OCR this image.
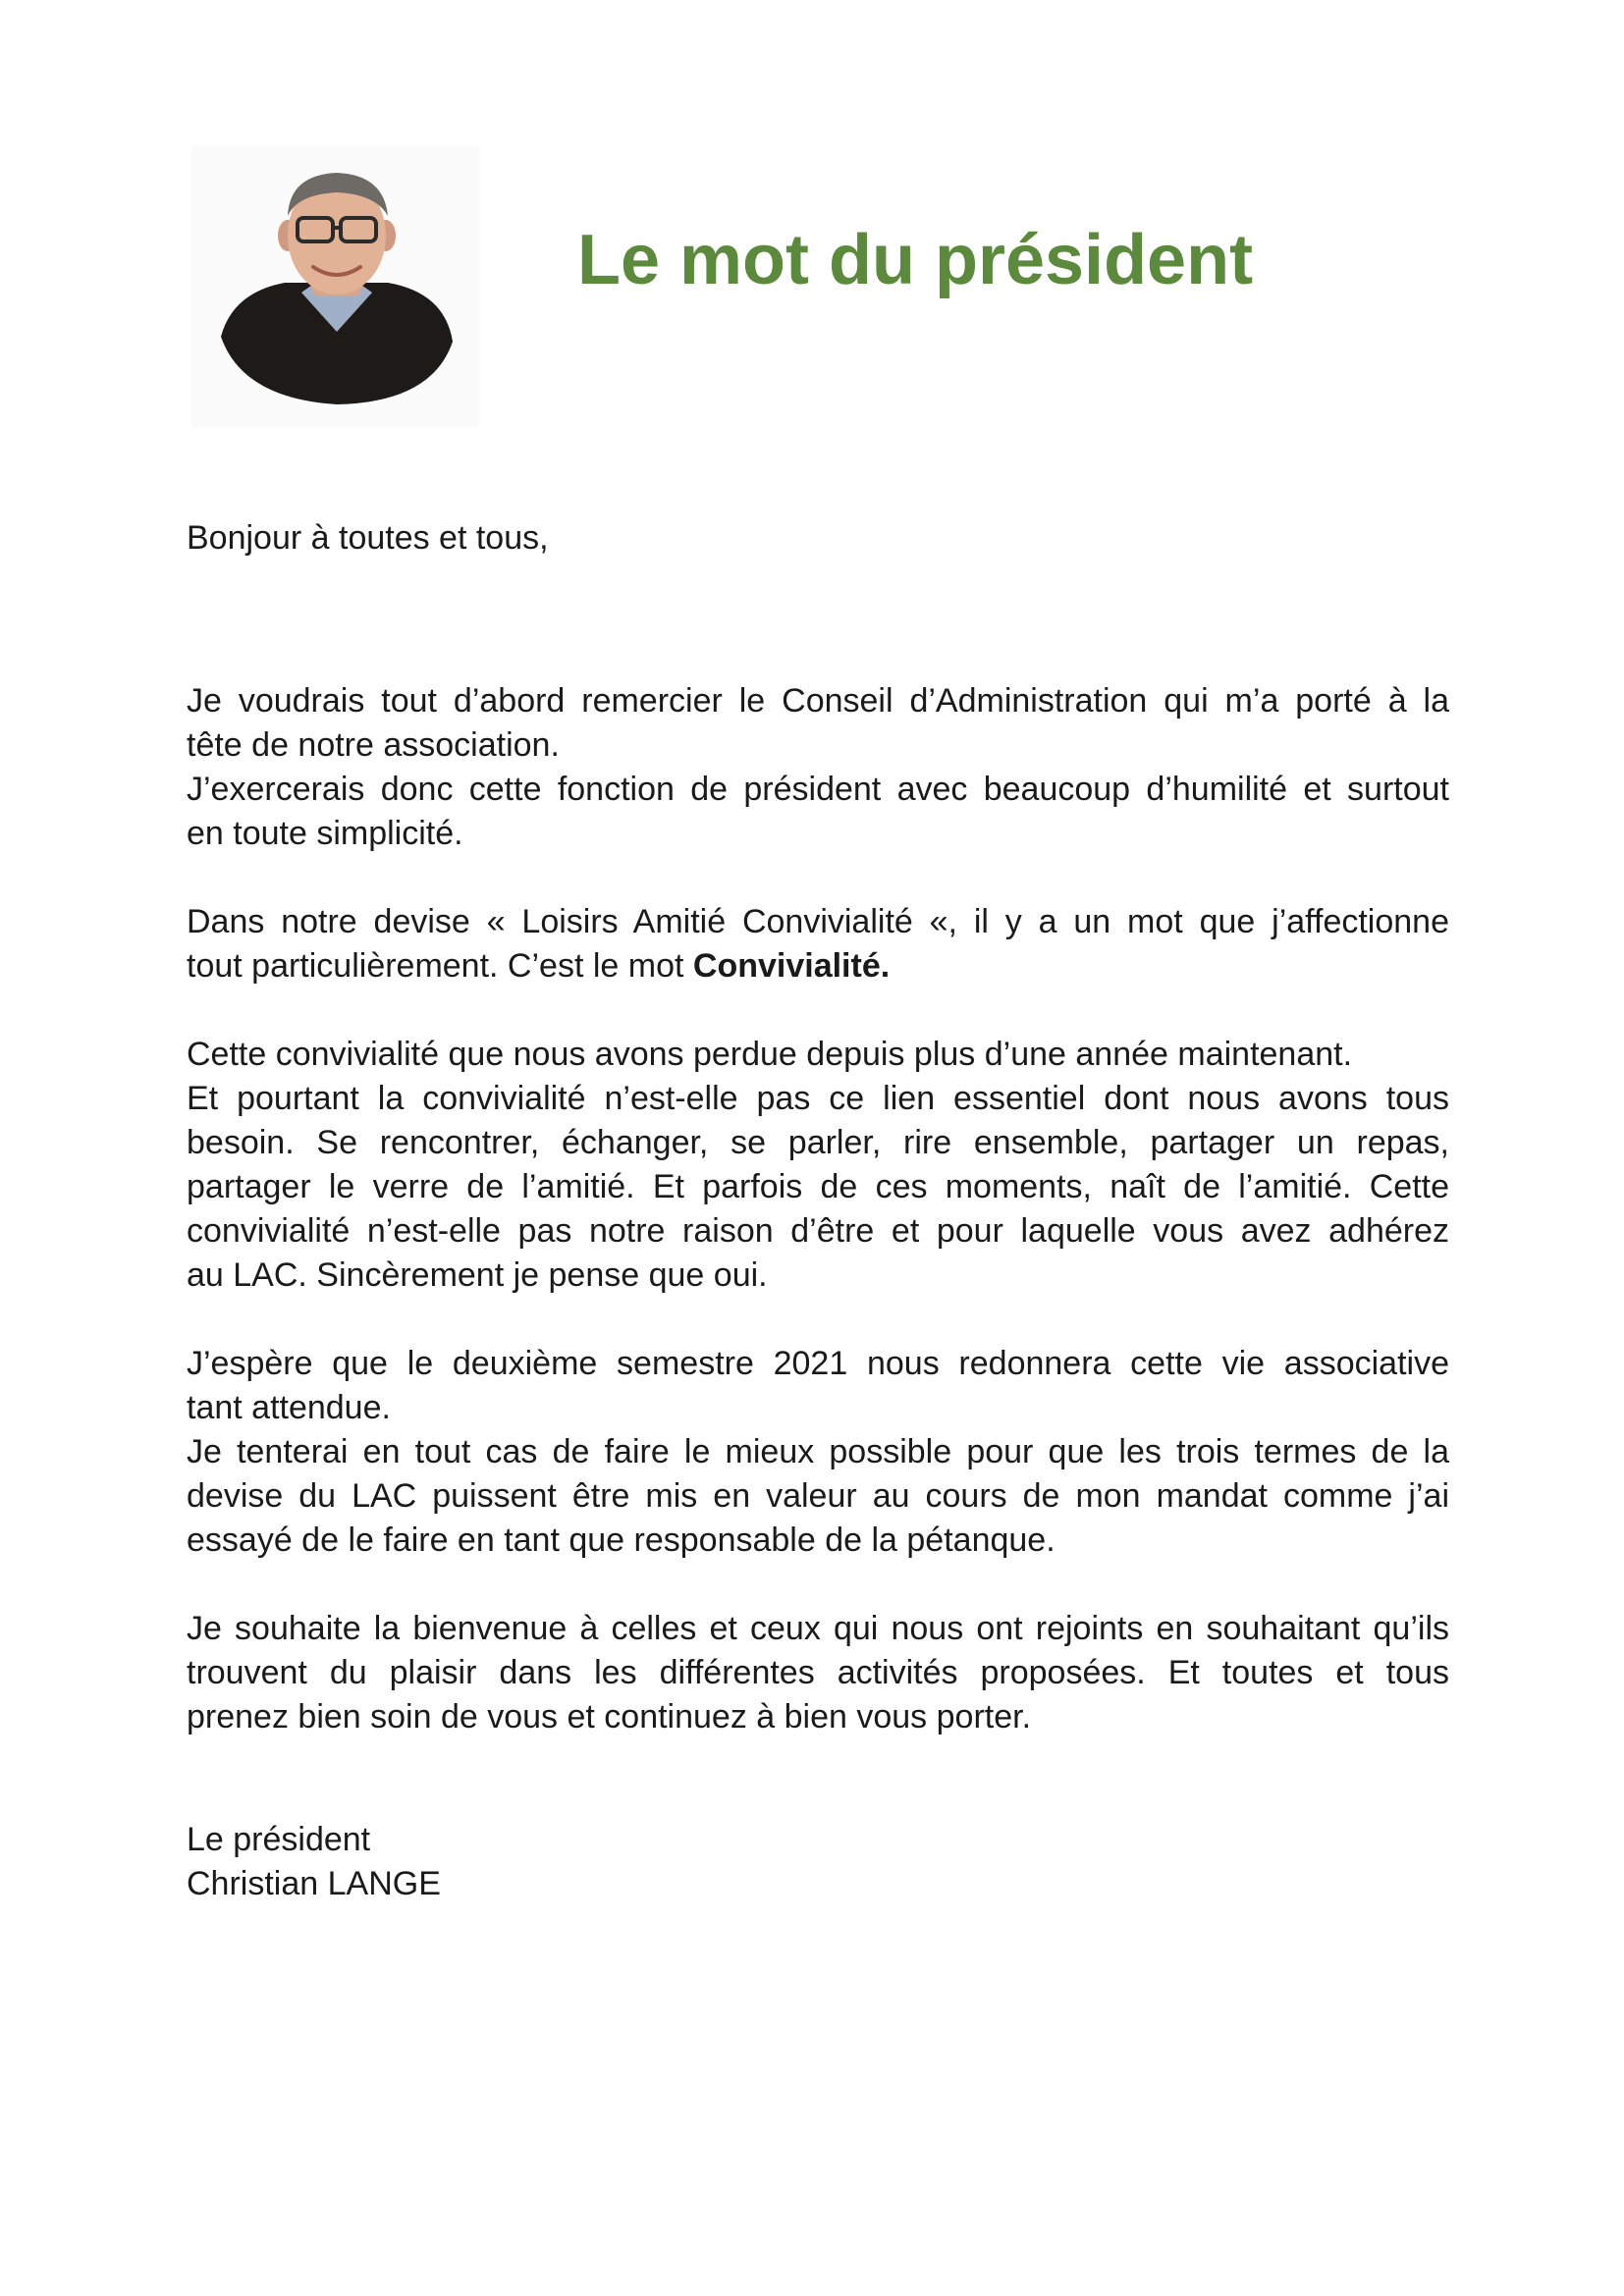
Le mot du président

Bonjour à toutes et tous,

Je voudrais tout d’abord remercier le Conseil d’Administration qui m’a porté à la
tête de notre association.
J’exercerais donc cette fonction de président avec beaucoup d’humilité et surtout
en toute simplicité.

Dans notre devise « Loisirs Amitié Convivialité «, il y a un mot que j’affectionne
tout particulièrement. C’est le mot Convivialité.

Cette convivialité que nous avons perdue depuis plus d’une année maintenant.
Et pourtant la convivialité n’est-elle pas ce lien essentiel dont nous avons tous
besoin. Se rencontrer, échanger, se parler, rire ensemble, partager un repas,
partager le verre de l’amitié. Et parfois de ces moments, naît de l’amitié. Cette
convivialité n’est-elle pas notre raison d’être et pour laquelle vous avez adhérez
au LAC. Sincèrement je pense que oui.

J’espère que le deuxième semestre 2021 nous redonnera cette vie associative
tant attendue.
Je tenterai en tout cas de faire le mieux possible pour que les trois termes de la
devise du LAC puissent être mis en valeur au cours de mon mandat comme j’ai
essayé de le faire en tant que responsable de la pétanque.

Je souhaite la bienvenue à celles et ceux qui nous ont rejoints en souhaitant qu’ils
trouvent du plaisir dans les différentes activités proposées. Et toutes et tous
prenez bien soin de vous et continuez à bien vous porter.

Le président
Christian LANGE
